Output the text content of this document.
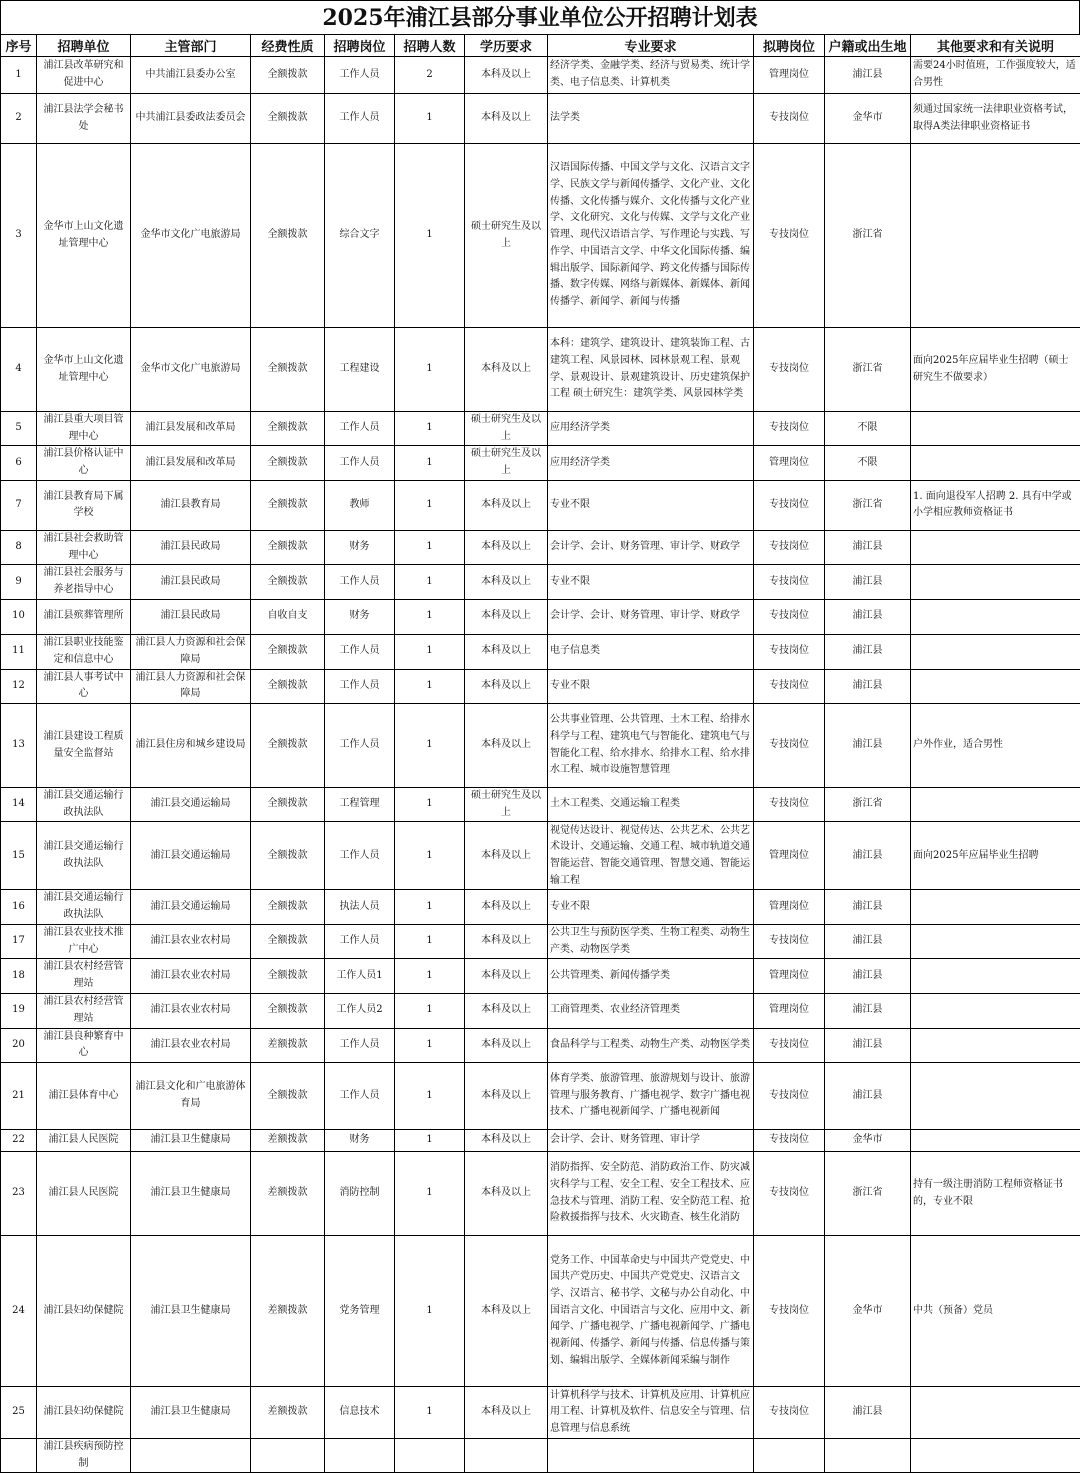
2025年浦江县部分事业单位公开招聘计划表
序号	招聘单位	主管部门	经费性质	招聘岗位	招聘人数	学历要求	专业要求	拟聘岗位	户籍或出生地	其他要求和有关说明
1	浦江县改革研究和促进中心	中共浦江县委办公室	全额拨款	工作人员	2	本科及以上	经济学类、金融学类、经济与贸易类、统计学类、电子信息类、计算机类	管理岗位	浦江县	需要24小时值班，工作强度较大，适合男性
2	浦江县法学会秘书处	中共浦江县委政法委员会	全额拨款	工作人员	1	本科及以上	法学类	专技岗位	金华市	须通过国家统一法律职业资格考试，取得A类法律职业资格证书
3	金华市上山文化遗址管理中心	金华市文化广电旅游局	全额拨款	综合文字	1	硕士研究生及以上	汉语国际传播、中国文学与文化、汉语言文字学、民族文学与新闻传播学、文化产业、文化传播、文化传播与媒介、文化传播与文化产业学、文化研究、文化与传媒、文学与文化产业管理、现代汉语语言学、写作理论与实践、写作学、中国语言文学、中华文化国际传播、编辑出版学、国际新闻学、跨文化传播与国际传播、数字传媒、网络与新媒体、新媒体、新闻传播学、新闻学、新闻与传播	专技岗位	浙江省	
4	金华市上山文化遗址管理中心	金华市文化广电旅游局	全额拨款	工程建设	1	本科及以上	本科：建筑学、建筑设计、建筑装饰工程、古建筑工程、风景园林、园林景观工程、景观学、景观设计、景观建筑设计、历史建筑保护工程 硕士研究生：建筑学类、风景园林学类	专技岗位	浙江省	面向2025年应届毕业生招聘（硕士研究生不做要求）
5	浦江县重大项目管理中心	浦江县发展和改革局	全额拨款	工作人员	1	硕士研究生及以上	应用经济学类	专技岗位	不限	
6	浦江县价格认证中心	浦江县发展和改革局	全额拨款	工作人员	1	硕士研究生及以上	应用经济学类	管理岗位	不限	
7	浦江县教育局下属学校	浦江县教育局	全额拨款	教师	1	本科及以上	专业不限	专技岗位	浙江省	1. 面向退役军人招聘 2. 具有中学或小学相应教师资格证书
8	浦江县社会救助管理中心	浦江县民政局	全额拨款	财务	1	本科及以上	会计学、会计、财务管理、审计学、财政学	专技岗位	浦江县	
9	浦江县社会服务与养老指导中心	浦江县民政局	全额拨款	工作人员	1	本科及以上	专业不限	专技岗位	浦江县	
10	浦江县殡葬管理所	浦江县民政局	自收自支	财务	1	本科及以上	会计学、会计、财务管理、审计学、财政学	专技岗位	浦江县	
11	浦江县职业技能鉴定和信息中心	浦江县人力资源和社会保障局	全额拨款	工作人员	1	本科及以上	电子信息类	专技岗位	浦江县	
12	浦江县人事考试中心	浦江县人力资源和社会保障局	全额拨款	工作人员	1	本科及以上	专业不限	专技岗位	浦江县	
13	浦江县建设工程质量安全监督站	浦江县住房和城乡建设局	全额拨款	工作人员	1	本科及以上	公共事业管理、公共管理、土木工程、给排水科学与工程、建筑电气与智能化、建筑电气与智能化工程、给水排水、给排水工程、给水排水工程、城市设施智慧管理	专技岗位	浦江县	户外作业，适合男性
14	浦江县交通运输行政执法队	浦江县交通运输局	全额拨款	工程管理	1	硕士研究生及以上	土木工程类、交通运输工程类	专技岗位	浙江省	
15	浦江县交通运输行政执法队	浦江县交通运输局	全额拨款	工作人员	1	本科及以上	视觉传达设计、视觉传达、公共艺术、公共艺术设计、交通运输、交通工程、城市轨道交通智能运营、智能交通管理、智慧交通、智能运输工程	管理岗位	浦江县	面向2025年应届毕业生招聘
16	浦江县交通运输行政执法队	浦江县交通运输局	全额拨款	执法人员	1	本科及以上	专业不限	管理岗位	浦江县	
17	浦江县农业技术推广中心	浦江县农业农村局	全额拨款	工作人员	1	本科及以上	公共卫生与预防医学类、生物工程类、动物生产类、动物医学类	专技岗位	浦江县	
18	浦江县农村经营管理站	浦江县农业农村局	全额拨款	工作人员1	1	本科及以上	公共管理类、新闻传播学类	管理岗位	浦江县	
19	浦江县农村经营管理站	浦江县农业农村局	全额拨款	工作人员2	1	本科及以上	工商管理类、农业经济管理类	管理岗位	浦江县	
20	浦江县良种繁育中心	浦江县农业农村局	差额拨款	工作人员	1	本科及以上	食品科学与工程类、动物生产类、动物医学类	专技岗位	浦江县	
21	浦江县体育中心	浦江县文化和广电旅游体育局	全额拨款	工作人员	1	本科及以上	体育学类、旅游管理、旅游规划与设计、旅游管理与服务教育、广播电视学、数字广播电视技术、广播电视新闻学、广播电视新闻	专技岗位	浦江县	
22	浦江县人民医院	浦江县卫生健康局	差额拨款	财务	1	本科及以上	会计学、会计、财务管理、审计学	专技岗位	金华市	
23	浦江县人民医院	浦江县卫生健康局	差额拨款	消防控制	1	本科及以上	消防指挥、安全防范、消防政治工作、防灾减灾科学与工程、安全工程、安全工程技术、应急技术与管理、消防工程、安全防范工程、抢险救援指挥与技术、火灾勘查、核生化消防	专技岗位	浙江省	持有一级注册消防工程师资格证书的，专业不限
24	浦江县妇幼保健院	浦江县卫生健康局	差额拨款	党务管理	1	本科及以上	党务工作、中国革命史与中国共产党党史、中国共产党历史、中国共产党党史、汉语言文学、汉语言、秘书学、文秘与办公自动化、中国语言文化、中国语言与文化、应用中文、新闻学、广播电视学、广播电视新闻学、广播电视新闻、传播学、新闻与传播、信息传播与策划、编辑出版学、全媒体新闻采编与制作	专技岗位	金华市	中共（预备）党员
25	浦江县妇幼保健院	浦江县卫生健康局	差额拨款	信息技术	1	本科及以上	计算机科学与技术、计算机及应用、计算机应用工程、计算机及软件、信息安全与管理、信息管理与信息系统	专技岗位	浦江县	
	浦江县疾病预防控制									
